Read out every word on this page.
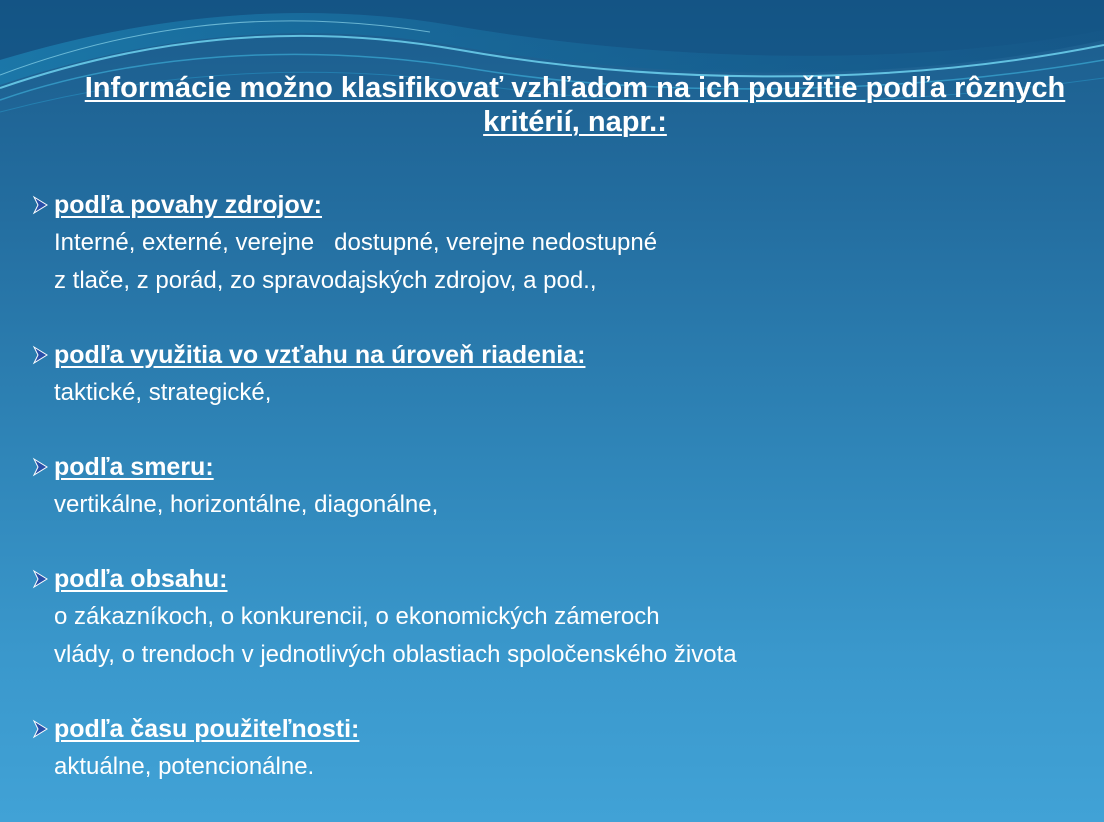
Informácie možno klasifikovať vzhľadom na ich použitie podľa rôznych kritérií, napr.:
podľa povahy zdrojov:
Interné, externé, verejne   dostupné, verejne nedostupné
z tlače, z porád, zo spravodajských zdrojov, a pod.,
podľa využitia vo vzťahu na úroveň riadenia:
taktické, strategické,
podľa smeru:
vertikálne, horizontálne, diagonálne,
podľa obsahu:
o zákazníkoch, o konkurencii, o ekonomických zámeroch
vlády, o trendoch v jednotlivých oblastiach spoločenského života
podľa času použiteľnosti:
aktuálne, potencionálne.
